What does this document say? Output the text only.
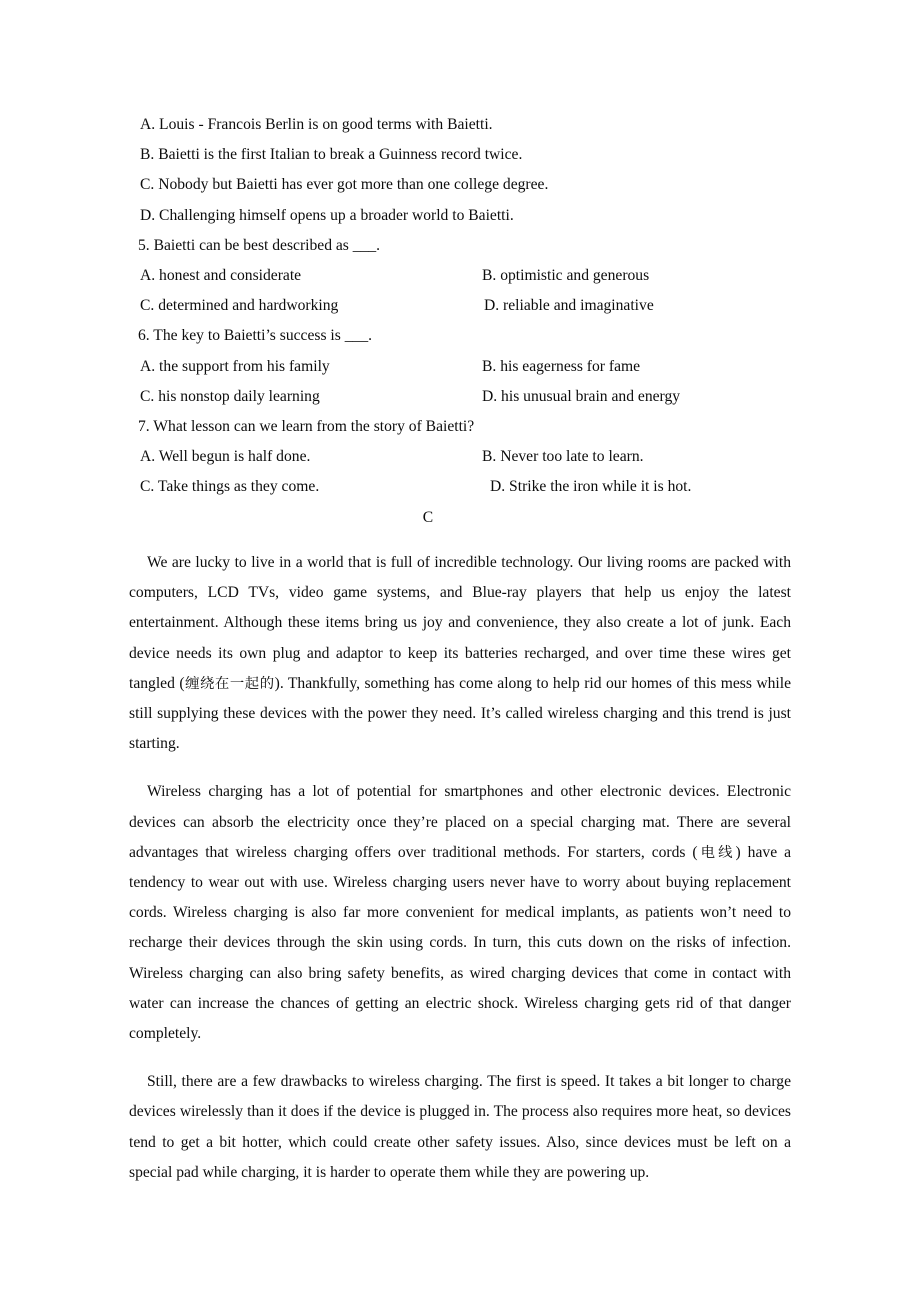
A. Louis - Francois Berlin is on good terms with Baietti.
B. Baietti is the first Italian to break a Guinness record twice.
C. Nobody but Baietti has ever got more than one college degree.
D. Challenging himself opens up a broader world to Baietti.
5. Baietti can be best described as ___.
A. honest and considerate	B. optimistic and generous
C. determined and hardworking	D. reliable and imaginative
6. The key to Baietti’s success is ___.
A. the support from his family	B. his eagerness for fame
C. his nonstop daily learning	D. his unusual brain and energy
7. What lesson can we learn from the story of Baietti?
A. Well begun is half done.	B. Never too late to learn.
C. Take things as they come.	D. Strike the iron while it is hot.
C

We are lucky to live in a world that is full of incredible technology. Our living rooms are packed with computers, LCD TVs, video game systems, and Blue-ray players that help us enjoy the latest entertainment. Although these items bring us joy and convenience, they also create a lot of junk. Each device needs its own plug and adaptor to keep its batteries recharged, and over time these wires get tangled (缠绕在一起的). Thankfully, something has come along to help rid our homes of this mess while still supplying these devices with the power they need. It’s called wireless charging and this trend is just starting.

Wireless charging has a lot of potential for smartphones and other electronic devices. Electronic devices can absorb the electricity once they’re placed on a special charging mat. There are several advantages that wireless charging offers over traditional methods. For starters, cords (电线) have a tendency to wear out with use. Wireless charging users never have to worry about buying replacement cords. Wireless charging is also far more convenient for medical implants, as patients won’t need to recharge their devices through the skin using cords. In turn, this cuts down on the risks of infection. Wireless charging can also bring safety benefits, as wired charging devices that come in contact with water can increase the chances of getting an electric shock. Wireless charging gets rid of that danger completely.

Still, there are a few drawbacks to wireless charging. The first is speed. It takes a bit longer to charge devices wirelessly than it does if the device is plugged in. The process also requires more heat, so devices tend to get a bit hotter, which could create other safety issues. Also, since devices must be left on a special pad while charging, it is harder to operate them while they are powering up.
